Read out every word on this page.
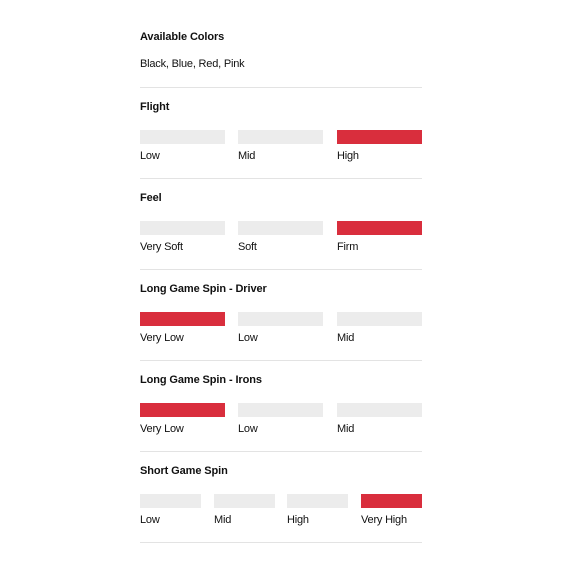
Available Colors
Black, Blue, Red, Pink
Flight
Low	Mid	High
Feel
Very Soft	Soft	Firm
Long Game Spin - Driver
Very Low	Low	Mid
Long Game Spin - Irons
Very Low	Low	Mid
Short Game Spin
Low	Mid	High	Very High
